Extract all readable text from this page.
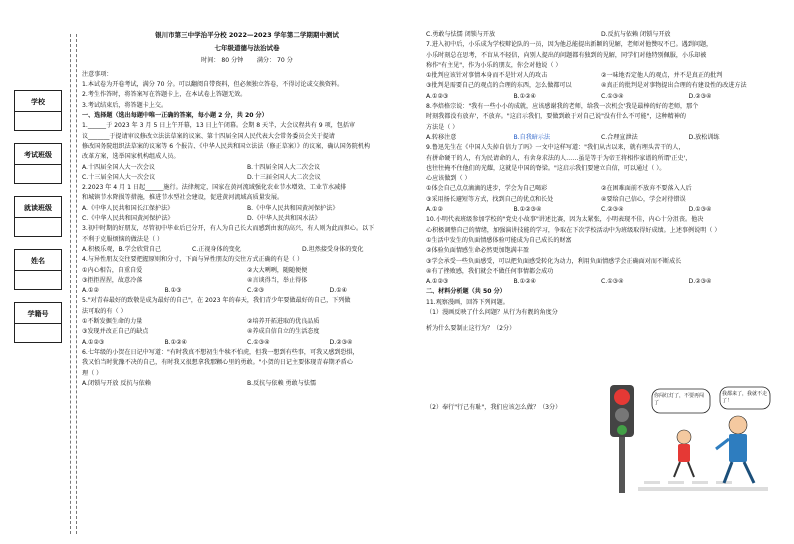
学校
考试班级
就读班级
姓名
学籍号

银川市第三中学治平分校 2022—2023 学年第二学期期中测试

七年级道德与法治试卷

时间： 80 分钟 满分： 70 分

注意事项：

1.本试卷为开卷考试，满分 70 分。可以翻阅自带资料，但必须独立答卷，不得讨论或交换资料。

2.考生作答时，将答案写在答题卡上，在本试卷上答题无效。

3.考试结束后，将答题卡上交。

一、选择题（选出每题中唯一正确的答案，每小题 2 分，共 20 分）

1.______于 2023 年 3 月 5 日上午开幕，13 日上午闭幕。会期 8 天半，大会议程共有 9 项，包括审

议_______于提请审议修改立法法草案的议案、第十四届全国人民代表大会常务委员会关于提请

修改国务院组织法草案的议案等 6 个报告、《中华人民共和国立法法（修正草案）》的议案，确认国务院机构

改革方案，选举国家机构组成人员。

A.十四届全国人大一次会议	B.十四届全国人大二次会议
C.十三届全国人大一次会议	D.十三届全国人大二次会议

2.2023 年 4 月 1 日起______施行。法律规定，国家在黄河流域强化农业节水增效、工业节水减排

和城镇节水降损等措施，推进节水型社会建设，促进黄河流域高质量发展。

A.《中华人民共和国长江保护法》	B.《中华人民共和国黄河保护法》
C.《中华人民共和国黄河保护法》	D.《中华人民共和国水法》

3.初中时期的好朋友，尽管初中毕业后已分开，有人为自己长大而感到由衷的高兴，有人则为此而担心。以下

不利于克服烦恼的做法是（ ）

A.积极乐观，B.学会欣赏自己	C.正视身体的变化	D.坦然接受身体的变化

4.与异性朋友交往要把握原则和分寸，下面与异性朋友的交往方式正确的有是（ ）

①内心相告，自重自爱	②大大咧咧，随随便便
③拒拒捏捏，故意冷落	④言谈得当，举止得体
A.①②	B.①③	C.②③	D.①④

5."对青春最好的致敬是成为最好的自己"，在 2023 年的春天，我们青少年要做最好的自己，下列做

法可取的有（ ）

①不断发掘生命的力量	②培养开拓进取的优良品质
③发现并改正自己的缺点	④养成自信自立的生活态度
A.①②③	B.①②④	C.①③④	D.②③④

6.七年级的小贺在日记中写道："有时我真不想初生牛犊不怕虎，但我一想到有些事，可我又感到恐惧，

我又怕当时犹豫不决的自己，有时我又很想拿我那颗心里的勇敢。"小贺的日记主要体现青春期矛盾心

理（ ）

A.闭锁与开放 反抗与依赖	B.反抗与依赖 勇敢与怯懦
C.勇敢与怯懦 闭锁与开放	D.反抗与依赖 闭锁与开放

7.进入初中后，小乐成为学校辩论队的一员，因为他总能提出新颖的见解，老师对他赞叹不已。遇到问题，

小乐时刻总在思考，不盲从不轻信，向别人提出的问题都有独到的见解，同学们对他特别佩服，小乐却被

称作"有主见"，作为小乐的朋友，你会对他说（ ）

①批判应该针对事情本身而不是针对人的攻击	②一味地否定他人的观点，并不是真正的批判
③批判是需要自己的观点的合理的东西，怎么做都可以	④真正的批判是对事物提出合理的有建设性的改进方法
A.①②③	B.①②④	C.①③④	D.②③④

8.李焙格宗说："我有一些小小的成就，应该感谢我的老师，给我一次机会'我是最棒的好的老师，那个

时刻我都没有放弃'，不放弃。"这启示我们，要做到敢于对自己说"没有什么不可能"，这种精神的

方法是（ ）

A.转移注意	B.自我暗示法	C.合理宣泄法	D.放松训练

9.鲁迅先生在《中国人失掉自信力了吗》一文中这样写道："我们从古以来，就有埋头苦干的人，

有拼命硬干的人，有为民请命的人，有舍身求法的人……虽是等于为帝王将相作家谱的所谓'正史'，

也往往掩不住他们的光耀，这就是中国的脊梁。"这启示我们要建立自信，可以通过（ ）。

心应该做到（ ）

①体会自己点点滴滴的进步，学会为自己喝彩	②在困难面前不放弃不要落入人后
③采用扬长避短等方式，找到自己的优点和长处	④要给自己信心，学会对待错误
A.①②	B.①②③④	C.②③④	D.①③④

10.小明代表班级参加学校的"党史小故事"讲述比赛，因为太紧张，小明表现不佳，内心十分沮丧。他决

心积极调整自己的情绪，加强演讲技能的学习，争取在下次学校活动中为班级取得好成绩。上述事例说明（ ）

①生活中发生的负面情感体验可能成为自己成长的财富

②体验负面情感生命必然更加饱满丰盈

③学会承受一些负面感受，可以把负面感受转化为动力，利用负面情感学会正确面对而不断成长

④有了挫败感，我们就会不做任何事情都会成功

A.①②③	B.①②④	C.①③④	D.②③④

二、材料分析题（共 50 分）

11.观察漫画，回答下列问题。

（1）漫画反映了什么问题？从行为有靓的角度分

析为什么要制止这行为？（2分）

（2）奉行"行己有耻"，我们应该怎么做？（3分）

你闯红灯了，不要再闯了
我都来了，我就不走了！
